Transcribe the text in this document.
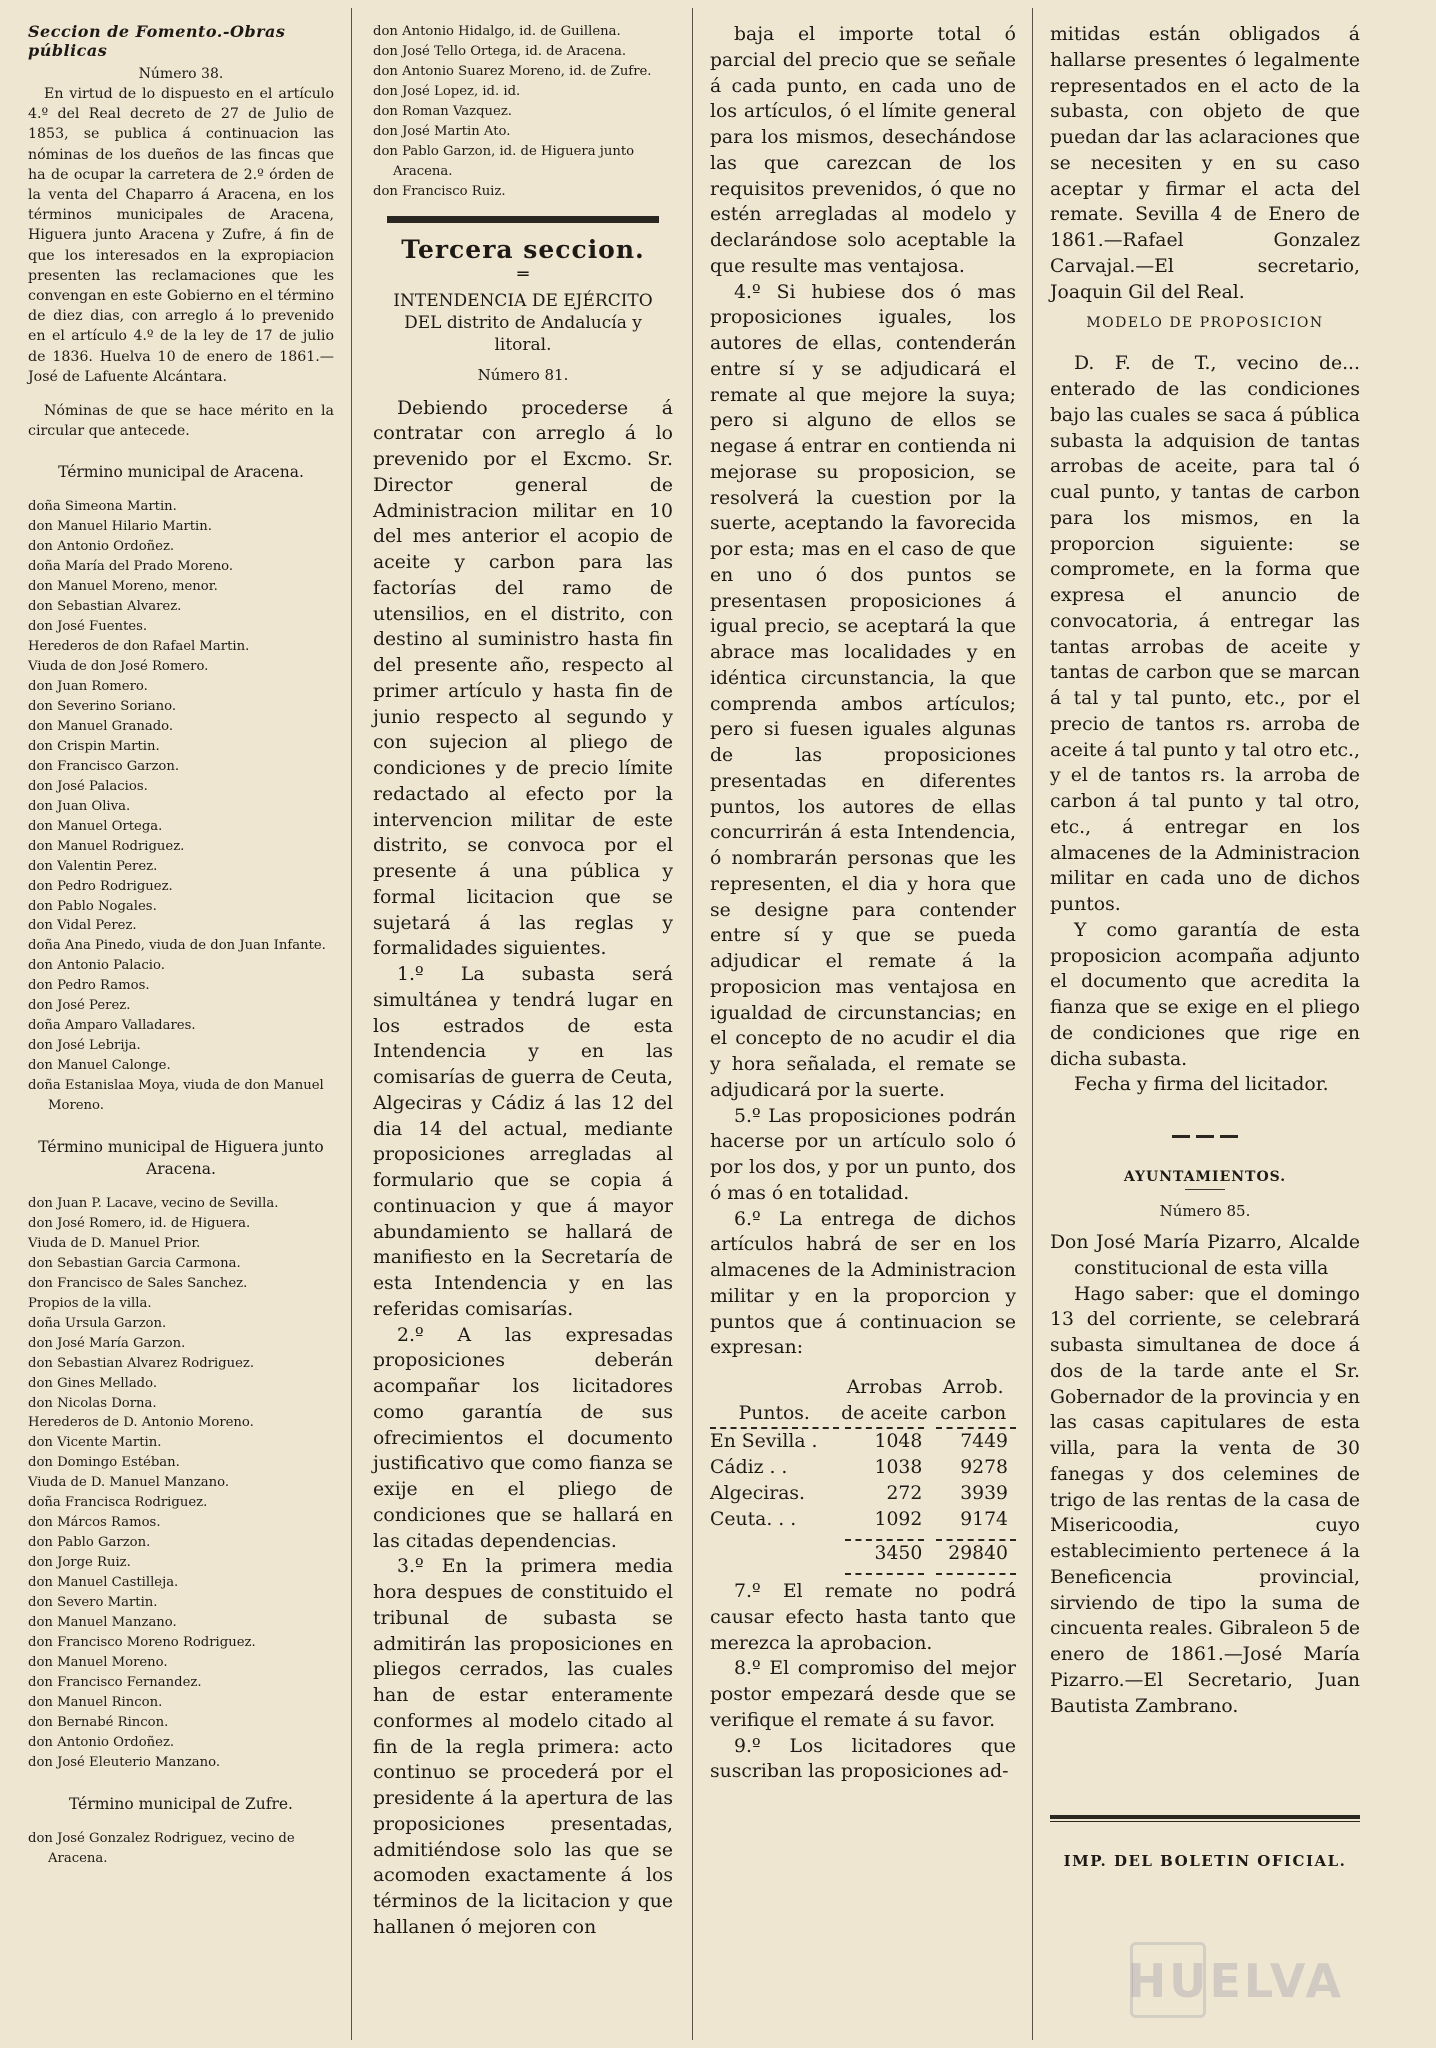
Seccion de Fomento.-Obras públicas

Número 38.

En virtud de lo dispuesto en el artículo 4.º del Real decreto de 27 de Julio de 1853, se publica á continuacion las nóminas de los dueños de las fincas que ha de ocupar la carretera de 2.º órden de la venta del Chaparro á Aracena, en los términos municipales de Aracena, Higuera junto Aracena y Zufre, á fin de que los interesados en la expropiacion presenten las reclamaciones que les convengan en este Gobierno en el término de diez dias, con arreglo á lo prevenido en el artículo 4.º de la ley de 17 de julio de 1836. Huelva 10 de enero de 1861.—José de Lafuente Alcántara.

Nóminas de que se hace mérito en la circular que antecede.

Término municipal de Aracena.

doña Simeona Martin.

don Manuel Hilario Martin.

don Antonio Ordoñez.

doña María del Prado Moreno.

don Manuel Moreno, menor.

don Sebastian Alvarez.

don José Fuentes.

Herederos de don Rafael Martin.

Viuda de don José Romero.

don Juan Romero.

don Severino Soriano.

don Manuel Granado.

don Crispin Martin.

don Francisco Garzon.

don José Palacios.

don Juan Oliva.

don Manuel Ortega.

don Manuel Rodriguez.

don Valentin Perez.

don Pedro Rodriguez.

don Pablo Nogales.

don Vidal Perez.

doña Ana Pinedo, viuda de don Juan Infante.

don Antonio Palacio.

don Pedro Ramos.

don José Perez.

doña Amparo Valladares.

don José Lebrija.

don Manuel Calonge.

doña Estanislaa Moya, viuda de don Manuel Moreno.

Término municipal de Higuera junto Aracena.

don Juan P. Lacave, vecino de Sevilla.

don José Romero, id. de Higuera.

Viuda de D. Manuel Prior.

don Sebastian Garcia Carmona.

don Francisco de Sales Sanchez.

Propios de la villa.

doña Ursula Garzon.

don José María Garzon.

don Sebastian Alvarez Rodriguez.

don Gines Mellado.

don Nicolas Dorna.

Herederos de D. Antonio Moreno.

don Vicente Martin.

don Domingo Estéban.

Viuda de D. Manuel Manzano.

doña Francisca Rodriguez.

don Márcos Ramos.

don Pablo Garzon.

don Jorge Ruiz.

don Manuel Castilleja.

don Severo Martin.

don Manuel Manzano.

don Francisco Moreno Rodriguez.

don Manuel Moreno.

don Francisco Fernandez.

don Manuel Rincon.

don Bernabé Rincon.

don Antonio Ordoñez.

don José Eleuterio Manzano.

Término municipal de Zufre.

don José Gonzalez Rodriguez, vecino de Aracena.

don Antonio Hidalgo, id. de Guillena.

don José Tello Ortega, id. de Aracena.

don Antonio Suarez Moreno, id. de Zufre.

don José Lopez, id. id.

don Roman Vazquez.

don José Martin Ato.

don Pablo Garzon, id. de Higuera junto Aracena.

don Francisco Ruiz.

Tercera seccion.

═

INTENDENCIA DE EJÉRCITO DEL distrito de Andalucía y litoral.

Número 81.

Debiendo procederse á contratar con arreglo á lo prevenido por el Excmo. Sr. Director general de Administracion militar en 10 del mes anterior el acopio de aceite y carbon para las factorías del ramo de utensilios, en el distrito, con destino al suministro hasta fin del presente año, respecto al primer artículo y hasta fin de junio respecto al segundo y con sujecion al pliego de condiciones y de precio límite redactado al efecto por la intervencion militar de este distrito, se convoca por el presente á una pública y formal licitacion que se sujetará á las reglas y formalidades siguientes.

1.º La subasta será simultánea y tendrá lugar en los estrados de esta Intendencia y en las comisarías de guerra de Ceuta, Algeciras y Cádiz á las 12 del dia 14 del actual, mediante proposiciones arregladas al formulario que se copia á continuacion y que á mayor abundamiento se hallará de manifiesto en la Secretaría de esta Intendencia y en las referidas comisarías.

2.º A las expresadas proposiciones deberán acompañar los licitadores como garantía de sus ofrecimientos el documento justificativo que como fianza se exije en el pliego de condiciones que se hallará en las citadas dependencias.

3.º En la primera media hora despues de constituido el tribunal de subasta se admitirán las proposiciones en pliegos cerrados, las cuales han de estar enteramente conformes al modelo citado al fin de la regla primera: acto continuo se procederá por el presidente á la apertura de las proposiciones presentadas, admitiéndose solo las que se acomoden exactamente á los términos de la licitacion y que hallanen ó mejoren con

baja el importe total ó parcial del precio que se señale á cada punto, en cada uno de los artículos, ó el límite general para los mismos, desechándose las que carezcan de los requisitos prevenidos, ó que no estén arregladas al modelo y declarándose solo aceptable la que resulte mas ventajosa.

4.º Si hubiese dos ó mas proposiciones iguales, los autores de ellas, contenderán entre sí y se adjudicará el remate al que mejore la suya; pero si alguno de ellos se negase á entrar en contienda ni mejorase su proposicion, se resolverá la cuestion por la suerte, aceptando la favorecida por esta; mas en el caso de que en uno ó dos puntos se presentasen proposiciones á igual precio, se aceptará la que abrace mas localidades y en idéntica circunstancia, la que comprenda ambos artículos; pero si fuesen iguales algunas de las proposiciones presentadas en diferentes puntos, los autores de ellas concurrirán á esta Intendencia, ó nombrarán personas que les representen, el dia y hora que se designe para contender entre sí y que se pueda adjudicar el remate á la proposicion mas ventajosa en igualdad de circunstancias; en el concepto de no acudir el dia y hora señalada, el remate se adjudicará por la suerte.

5.º Las proposiciones podrán hacerse por un artículo solo ó por los dos, y por un punto, dos ó mas ó en totalidad.

6.º La entrega de dichos artículos habrá de ser en los almacenes de la Administracion militar y en la proporcion y puntos que á continuacion se expresan:

Puntos.	Arrobas de aceite	Arrob. carbon

En Sevilla .	1048	7449
Cádiz . .	1038	9278
Algeciras.	272	3939
Ceuta. . .	1092	9174

	3450	29840

7.º El remate no podrá causar efecto hasta tanto que merezca la aprobacion.

8.º El compromiso del mejor postor empezará desde que se verifique el remate á su favor.

9.º Los licitadores que suscriban las proposiciones ad-

mitidas están obligados á hallarse presentes ó legalmente representados en el acto de la subasta, con objeto de que puedan dar las aclaraciones que se necesiten y en su caso aceptar y firmar el acta del remate. Sevilla 4 de Enero de 1861.—Rafael Gonzalez Carvajal.—El secretario, Joaquin Gil del Real.

MODELO DE PROPOSICION

D. F. de T., vecino de... enterado de las condiciones bajo las cuales se saca á pública subasta la adquision de tantas arrobas de aceite, para tal ó cual punto, y tantas de carbon para los mismos, en la proporcion siguiente: se compromete, en la forma que expresa el anuncio de convocatoria, á entregar las tantas arrobas de aceite y tantas de carbon que se marcan á tal y tal punto, etc., por el precio de tantos rs. arroba de aceite á tal punto y tal otro etc., y el de tantos rs. la arroba de carbon á tal punto y tal otro, etc., á entregar en los almacenes de la Administracion militar en cada uno de dichos puntos.

Y como garantía de esta proposicion acompaña adjunto el documento que acredita la fianza que se exige en el pliego de condiciones que rige en dicha subasta.

Fecha y firma del licitador.

AYUNTAMIENTOS.

Número 85.

Don José María Pizarro, Alcalde constitucional de esta villa

Hago saber: que el domingo 13 del corriente, se celebrará subasta simultanea de doce á dos de la tarde ante el Sr. Gobernador de la provincia y en las casas capitulares de esta villa, para la venta de 30 fanegas y dos celemines de trigo de las rentas de la casa de Misericoodia, cuyo establecimiento pertenece á la Beneficencia provincial, sirviendo de tipo la suma de cincuenta reales. Gibraleon 5 de enero de 1861.—José María Pizarro.—El Secretario, Juan Bautista Zambrano.

IMP. DEL BOLETIN OFICIAL.

HUELVA
